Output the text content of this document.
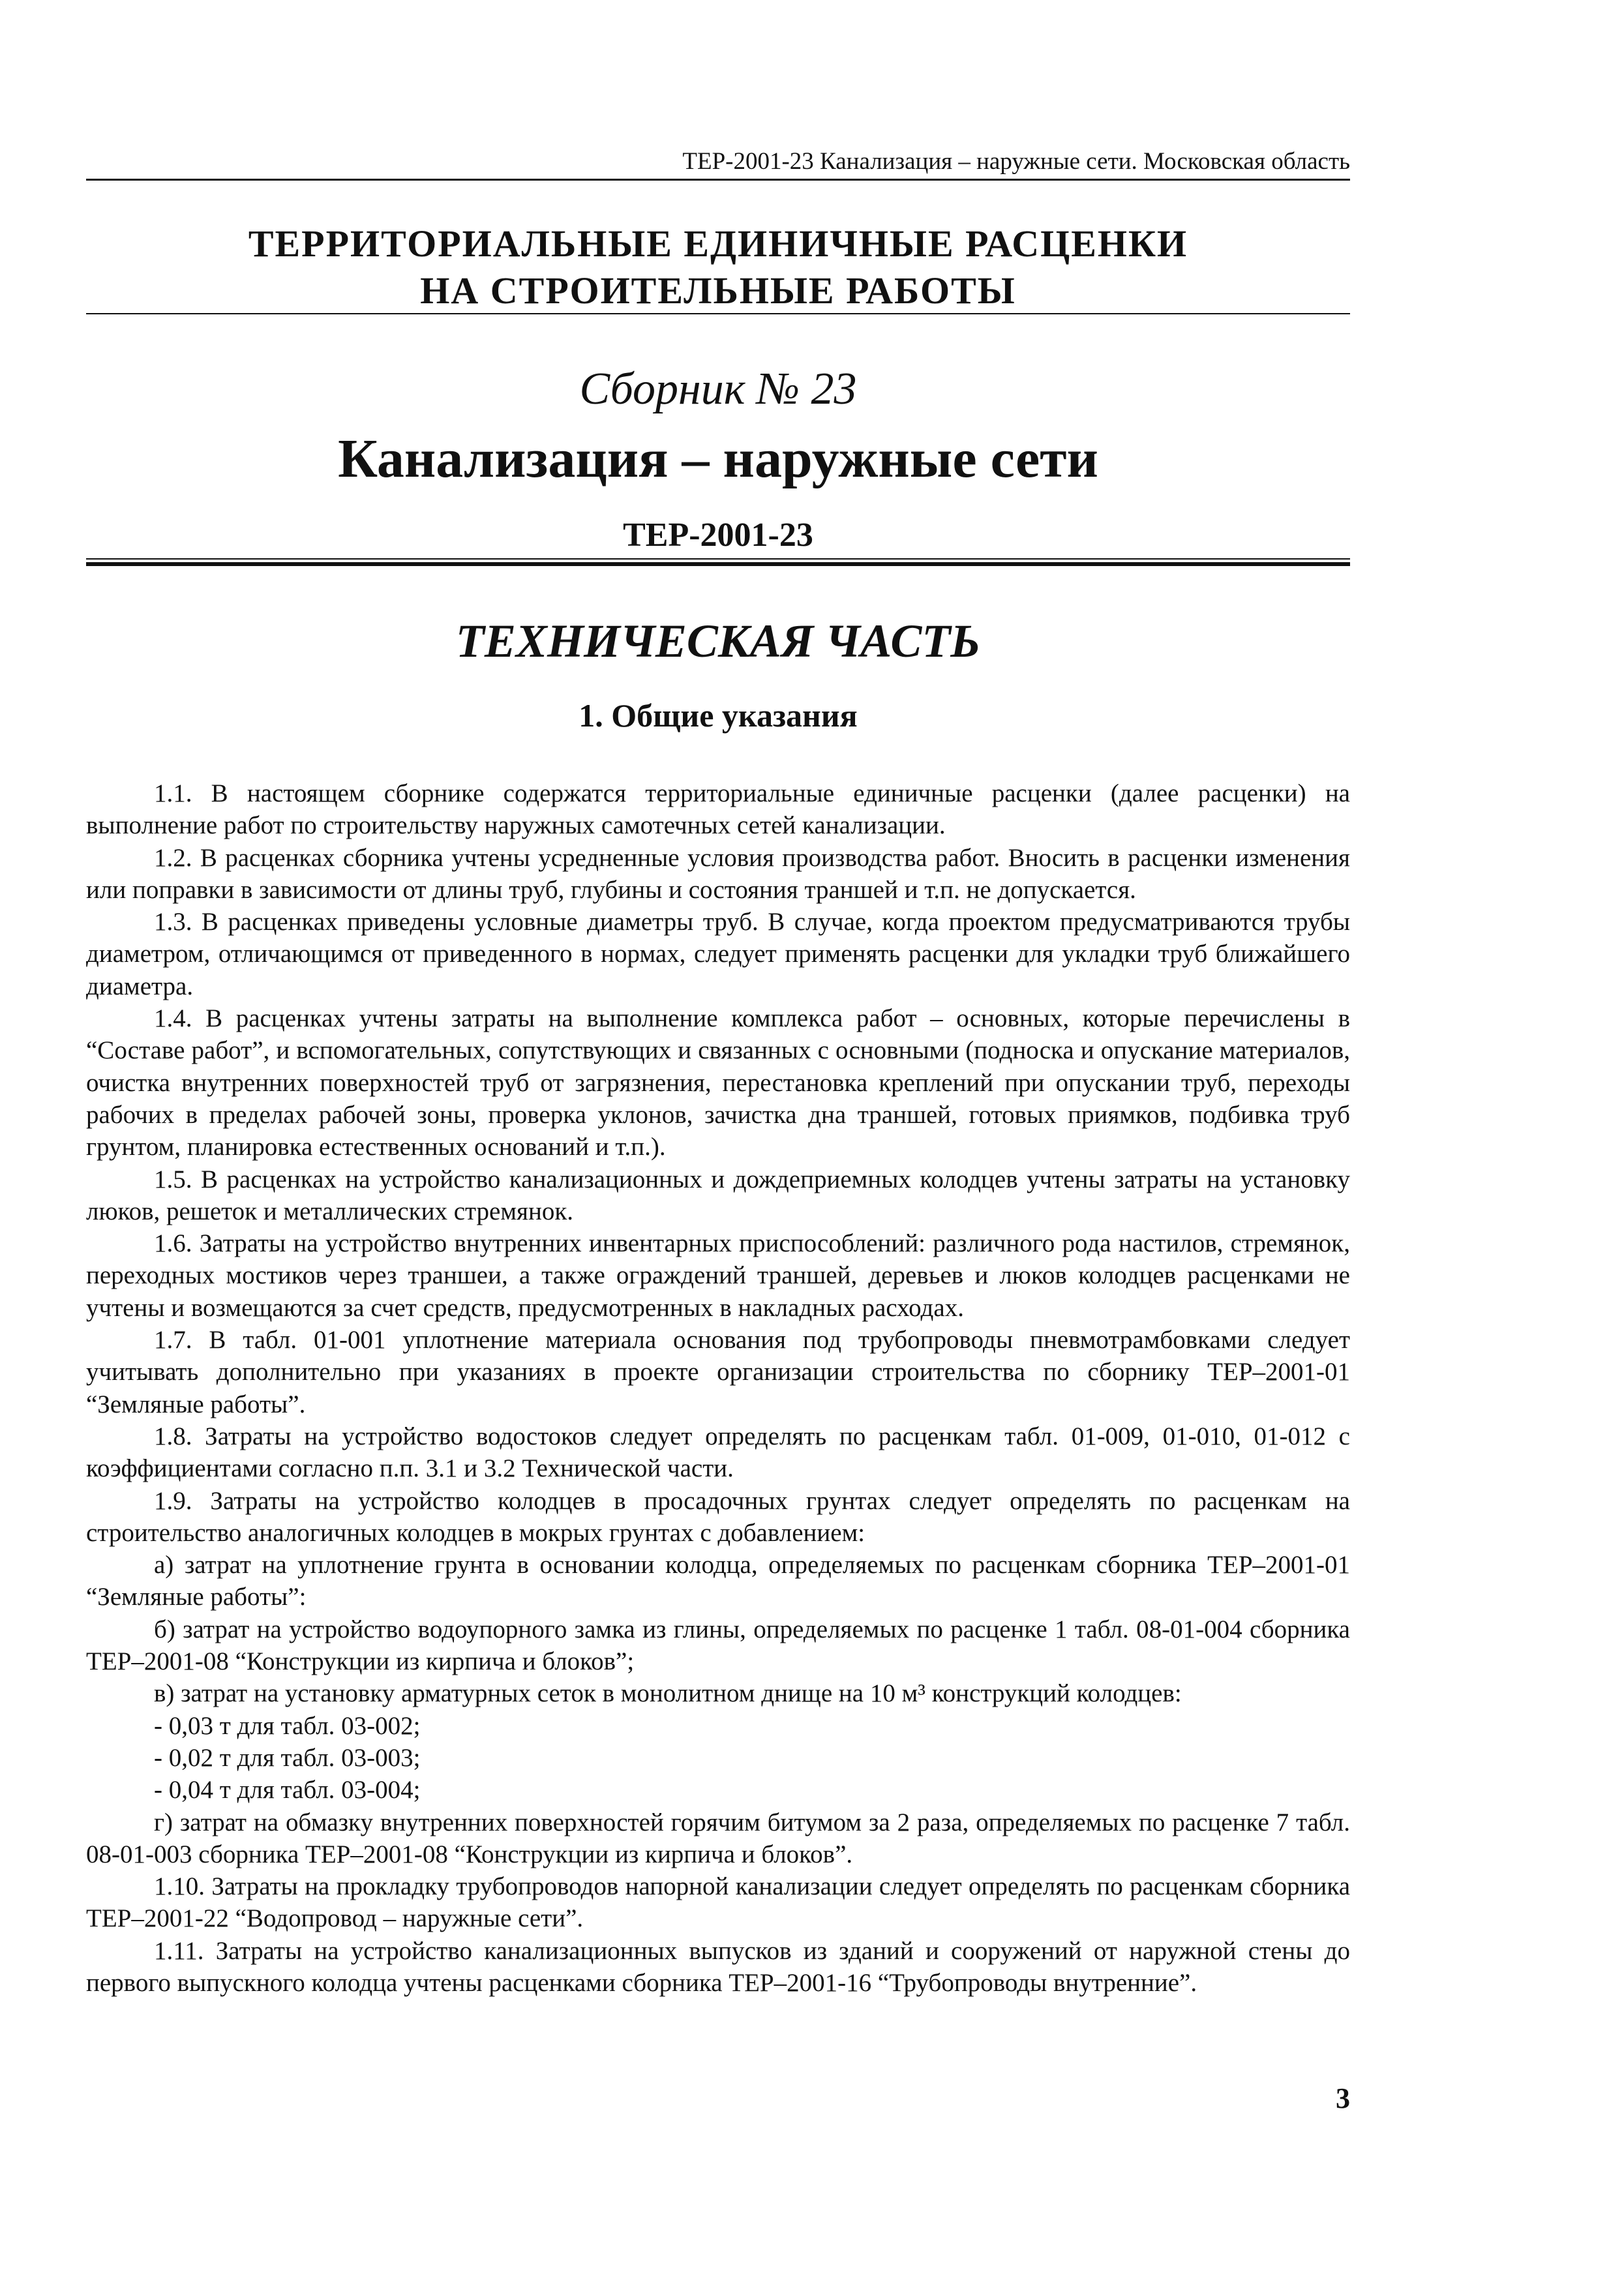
ТЕР-2001-23 Канализация – наружные сети. Московская область
ТЕРРИТОРИАЛЬНЫЕ ЕДИНИЧНЫЕ РАСЦЕНКИ
НА СТРОИТЕЛЬНЫЕ РАБОТЫ
Сборник № 23
Канализация – наружные сети
ТЕР-2001-23
ТЕХНИЧЕСКАЯ ЧАСТЬ
1. Общие указания

1.1. В настоящем сборнике содержатся территориальные единичные расценки (далее расценки) на выполнение работ по строительству наружных самотечных сетей канализации.

1.2. В расценках сборника учтены усредненные условия производства работ. Вносить в расценки изменения или поправки в зависимости от длины труб, глубины и состояния траншей и т.п. не допускается.

1.3. В расценках приведены условные диаметры труб. В случае, когда проектом предусматриваются трубы диаметром, отличающимся от приведенного в нормах, следует применять расценки для укладки труб ближайшего диаметра.

1.4. В расценках учтены затраты на выполнение комплекса работ – основных, которые перечислены в “Составе работ”, и вспомогательных, сопутствующих и связанных с основными (подноска и опускание материалов, очистка внутренних поверхностей труб от загрязнения, перестановка креплений при опускании труб, переходы рабочих в пределах рабочей зоны, проверка уклонов, зачистка дна траншей, готовых приямков, подбивка труб грунтом, планировка естественных оснований и т.п.).

1.5. В расценках на устройство канализационных и дождеприемных колодцев учтены затраты на установку люков, решеток и металлических стремянок.

1.6. Затраты на устройство внутренних инвентарных приспособлений: различного рода настилов, стремянок, переходных мостиков через траншеи, а также ограждений траншей, деревьев и люков колодцев расценками не учтены и возмещаются за счет средств, предусмотренных в накладных расходах.

1.7. В табл. 01-001 уплотнение материала основания под трубопроводы пневмотрамбовками следует учитывать дополнительно при указаниях в проекте организации строительства по сборнику ТЕР–2001-01 “Земляные работы”.

1.8. Затраты на устройство водостоков следует определять по расценкам табл. 01-009, 01-010, 01-012 с коэффициентами согласно п.п. 3.1 и 3.2 Технической части.

1.9. Затраты на устройство колодцев в просадочных грунтах следует определять по расценкам на строительство аналогичных колодцев в мокрых грунтах с добавлением:

а) затрат на уплотнение грунта в основании колодца, определяемых по расценкам сборника ТЕР–2001-01 “Земляные работы”:

б) затрат на устройство водоупорного замка из глины, определяемых по расценке 1 табл. 08-01-004 сборника ТЕР–2001-08 “Конструкции из кирпича и блоков”;

в) затрат на установку арматурных сеток в монолитном днище на 10 м³ конструкций колодцев:

- 0,03 т для табл. 03-002;

- 0,02 т для табл. 03-003;

- 0,04 т для табл. 03-004;

г) затрат на обмазку внутренних поверхностей горячим битумом за 2 раза, определяемых по расценке 7 табл. 08-01-003 сборника ТЕР–2001-08 “Конструкции из кирпича и блоков”.

1.10. Затраты на прокладку трубопроводов напорной канализации следует определять по расценкам сборника ТЕР–2001-22 “Водопровод – наружные сети”.

1.11. Затраты на устройство канализационных выпусков из зданий и сооружений от наружной стены до первого выпускного колодца учтены расценками сборника ТЕР–2001-16 “Трубопроводы внутренние”.

3
